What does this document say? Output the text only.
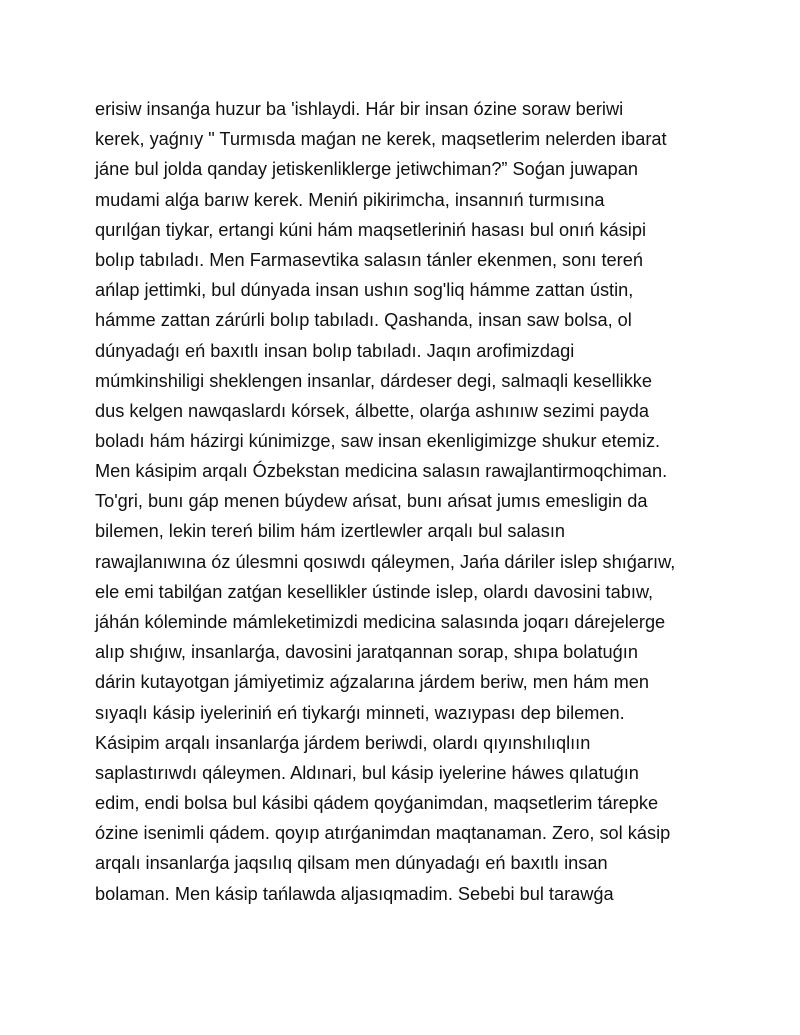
erisiw insanǵa huzur ba 'ishlaydi. Hár bir insan ózine soraw beriwi
kerek, yaǵnıy " Turmısda maǵan ne kerek, maqsetlerim nelerden ibarat
jáne bul jolda qanday jetiskenliklerge jetiwchiman?” Soǵan juwapan
mudami alǵa barıw kerek. Meniń pikirimcha, insannıń turmısına
qurılǵan tiykar, ertangi kúni hám maqsetleriniń hasası bul onıń kásipi
bolıp tabıladı. Men Farmasevtika salasın tánler ekenmen, sonı tereń
ańlap jettimki, bul dúnyada insan ushın sog'liq hámme zattan ústin,
hámme zattan zárúrli bolıp tabıladı. Qashanda, insan saw bolsa, ol
dúnyadaǵı eń baxıtlı insan bolıp tabıladı. Jaqın arofimizdagi
múmkinshiligi sheklengen insanlar, dárdeser degi, salmaqli kesellikke
dus kelgen nawqaslardı kórsek, álbette, olarǵa ashınıw sezimi payda
boladı hám házirgi kúnimizge, saw insan ekenligimizge shukur etemiz.
Men kásipim arqalı Ózbekstan medicina salasın rawajlantirmoqchiman.
To'gri, bunı gáp menen búydew ańsat, bunı ańsat jumıs emesligin da
bilemen, lekin tereń bilim hám izertlewler arqalı bul salasın
rawajlanıwına óz úlesmni qosıwdı qáleymen, Jańa dáriler islep shıǵarıw,
ele emi tabilǵan zatǵan kesellikler ústinde islep, olardı davosini tabıw,
jáhán kóleminde mámleketimizdi medicina salasında joqarı dárejelerge
alıp shıǵıw, insanlarǵa, davosini jaratqannan sorap, shıpa bolatuǵın
dárin kutayotgan jámiyetimiz aǵzalarına járdem beriw, men hám men
sıyaqlı kásip iyeleriniń eń tiykarǵı minneti, wazıypası dep bilemen.
Kásipim arqalı insanlarǵa járdem beriwdi, olardı qıyınshılıqlıın
saplastırıwdı qáleymen. Aldınari, bul kásip iyelerine háwes qılatuǵın
edim, endi bolsa bul kásibi qádem qoyǵanimdan, maqsetlerim tárepke
ózine isenimli qádem. qoyıp atırǵanimdan maqtanaman. Zero, sol kásip
arqalı insanlarǵa jaqsılıq qilsam men dúnyadaǵı eń baxıtlı insan
bolaman. Men kásip tańlawda aljasıqmadim. Sebebi bul tarawǵa
